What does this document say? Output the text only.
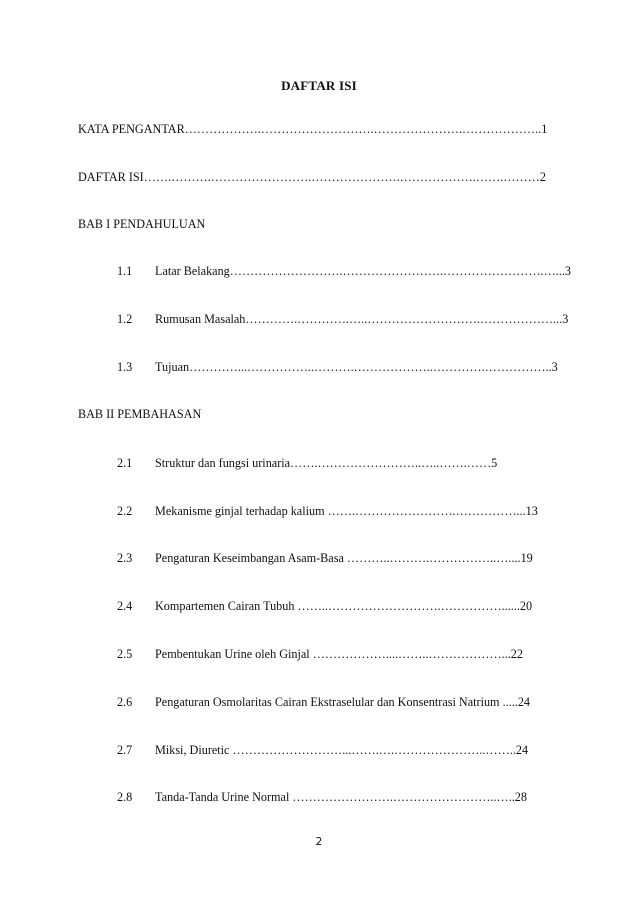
DAFTAR ISI
KATA PENGANTAR……………….……………………….………………….………………..1
DAFTAR ISI…….……….…………………….………………….……………….…….………2
BAB I PENDAHULUAN
1.1 Latar Belakang……………………….…………………….…………………….…...3
1.2 Rumusan Masalah………….………….…..……………………….………………...3
1.3 Tujuan…………...……………..……….………………..………….……………..3
BAB II PEMBAHASAN
2.1 Struktur dan fungsi urinaria…….……………………..…..…….……5
2.2 Mekanisme ginjal terhadap kalium …….…………………….……………...13
2.3 Pengaturan Keseimbangan Asam-Basa ………..……….……………..…....19
2.4 Kompartemen Cairan Tubuh ……..……………………….……………......20
2.5 Pembentukan Urine oleh Ginjal ………………....……..………………...22
2.6 Pengaturan Osmolaritas Cairan Ekstraselular dan Konsentrasi Natrium .....24
2.7 Miksi, Diuretic ………………………...…….….…………………..……..24
2.8 Tanda-Tanda Urine Normal …………………….……………………..…..28
2
